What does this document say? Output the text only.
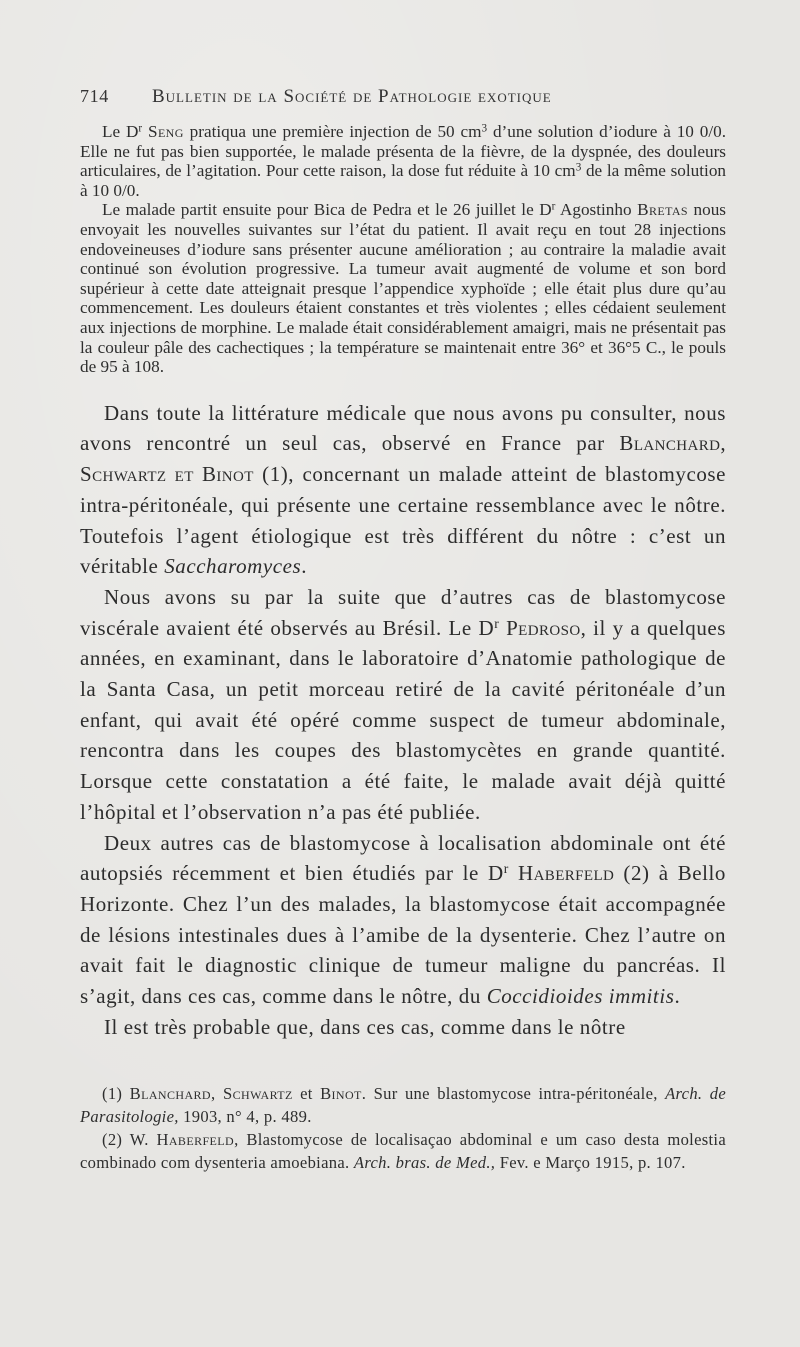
714	Bulletin de la Société de Pathologie exotique

Le $D^r$ Seng pratiqua une première injection de 50 $cm^3$ d’une solution d’iodure à 10 0/0. Elle ne fut pas bien supportée, le malade présenta de la fièvre, de la dyspnée, des douleurs articulaires, de l’agitation. Pour cette raison, la dose fut réduite à 10 $cm^3$ de la même solution à 10 0/0.

Le malade partit ensuite pour Bica de Pedra et le 26 juillet le $D^r$ Agostinho Bretas nous envoyait les nouvelles suivantes sur l’état du patient. Il avait reçu en tout 28 injections endoveineuses d’iodure sans présenter aucune amélioration ; au contraire la maladie avait continué son évolution progressive. La tumeur avait augmenté de volume et son bord supérieur à cette date atteignait presque l’appendice xyphoïde ; elle était plus dure qu’au commencement. Les douleurs étaient constantes et très violentes ; elles cédaient seulement aux injections de morphine. Le malade était considérablement amaigri, mais ne présentait pas la couleur pâle des cachectiques ; la température se maintenait entre 36° et 36°5 C., le pouls de 95 à 108.

Dans toute la littérature médicale que nous avons pu consulter, nous avons rencontré un seul cas, observé en France par Blanchard, Schwartz et Binot (1), concernant un malade atteint de blastomycose intra-péritonéale, qui présente une certaine ressemblance avec le nôtre. Toutefois l’agent étiologique est très différent du nôtre : c’est un véritable Saccharomyces.

Nous avons su par la suite que d’autres cas de blastomycose viscérale avaient été observés au Brésil. Le $D^r$ Pedroso, il y a quelques années, en examinant, dans le laboratoire d’Anatomie pathologique de la Santa Casa, un petit morceau retiré de la cavité péritonéale d’un enfant, qui avait été opéré comme suspect de tumeur abdominale, rencontra dans les coupes des blastomycètes en grande quantité. Lorsque cette constatation a été faite, le malade avait déjà quitté l’hôpital et l’observation n’a pas été publiée.

Deux autres cas de blastomycose à localisation abdominale ont été autopsiés récemment et bien étudiés par le $D^r$ Haberfeld (2) à Bello Horizonte. Chez l’un des malades, la blastomycose était accompagnée de lésions intestinales dues à l’amibe de la dysenterie. Chez l’autre on avait fait le diagnostic clinique de tumeur maligne du pancréas. Il s’agit, dans ces cas, comme dans le nôtre, du Coccidioides immitis.

Il est très probable que, dans ces cas, comme dans le nôtre

(1) Blanchard, Schwartz et Binot. Sur une blastomycose intra-péritonéale, Arch. de Parasitologie, 1903, n° 4, p. 489.

(2) W. Haberfeld, Blastomycose de localisaçao abdominal e um caso desta molestia combinado com dysenteria amoebiana. Arch. bras. de Med., Fev. e Março 1915, p. 107.
